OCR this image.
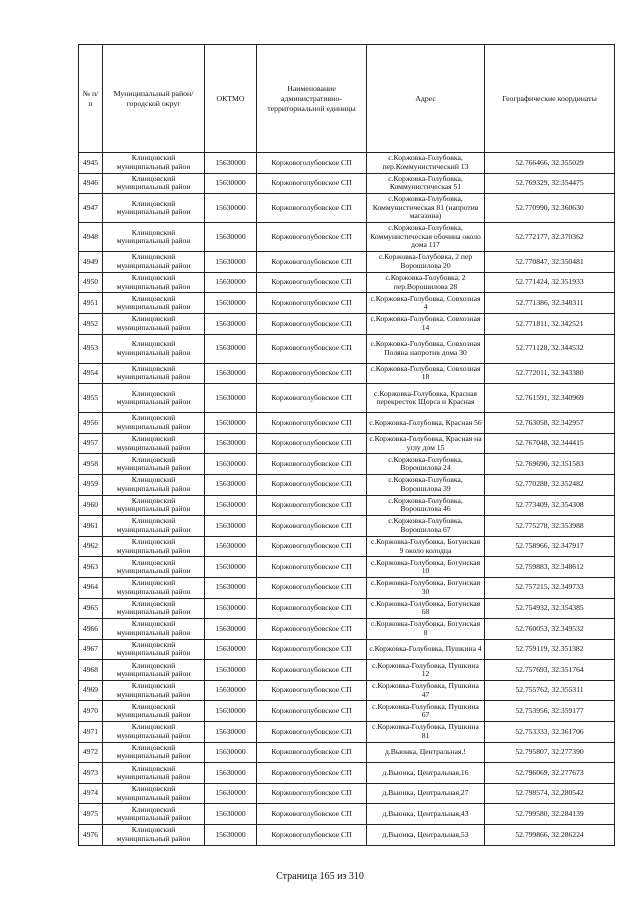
№ п/п	Муниципальный район/городской округ	ОКТМО	Наименование административно-территориальной единицы	Адрес	Географические координаты
4945	Клинцовский муниципальный район	15630000	Коржовоголубовское СП	с.Коржовка-Голубовка, пер.Коммунистический 13	52.766466, 32.355029
4946	Клинцовский муниципальный район	15630000	Коржовоголубовское СП	с.Коржовка-Голубовка, Коммунистическая 51	52.769329, 32.354475
4947	Клинцовский муниципальный район	15630000	Коржовоголубовское СП	с.Коржовка-Голубовка, Коммунистическая 81 (напротив магазина)	52.770990, 32.360630
4948	Клинцовский муниципальный район	15630000	Коржовоголубовское СП	с.Коржовка-Голубовка, Коммунистическая обочина около дома 117	52.772177, 32.370362
4949	Клинцовский муниципальный район	15630000	Коржовоголубовское СП	с.Коржовка-Голубовка, 2 пер Ворошилова 20	52.770847, 32.350481
4950	Клинцовский муниципальный район	15630000	Коржовоголубовское СП	с.Коржовка-Голубовка, 2 пер.Ворошилова 28	52.771424, 32.351933
4951	Клинцовский муниципальный район	15630000	Коржовоголубовское СП	с.Коржовка-Голубовка, Совхозная 4	52.771386, 32.340311
4952	Клинцовский муниципальный район	15630000	Коржовоголубовское СП	с.Коржовка-Голубовка, Совхозная 14	52.771811, 32.342521
4953	Клинцовский муниципальный район	15630000	Коржовоголубовское СП	с.Коржовка-Голубовка, Совхозная Поляна напротив дома 30	52.771128, 32.344532
4954	Клинцовский муниципальный район	15630000	Коржовоголубовское СП	с.Коржовка-Голубовка, Совхозная 18	52.772011, 32.343380
4955	Клинцовский муниципальный район	15630000	Коржовоголубовское СП	с.Коржовка-Голубовка, Красная перекресток Щорса и Красная	52.761591, 32.340969
4956	Клинцовский муниципальный район	15630000	Коржовоголубовское СП	с.Коржовка-Голубовка, Красная 56	52.763058, 32.342957
4957	Клинцовский муниципальный район	15630000	Коржовоголубовское СП	с.Коржовка-Голубовка, Красная на углу дом 15	52.767048, 32.344415
4958	Клинцовский муниципальный район	15630000	Коржовоголубовское СП	с.Коржовка-Голубовка, Ворошилова 24	52.769690, 32.351583
4959	Клинцовский муниципальный район	15630000	Коржовоголубовское СП	с.Коржовка-Голубовка, Ворошилова 39	52.770288, 32.352482
4960	Клинцовский муниципальный район	15630000	Коржовоголубовское СП	с.Коржовка-Голубовка, Ворошилова 46	52.773409, 32.354308
4961	Клинцовский муниципальный район	15630000	Коржовоголубовское СП	с.Коржовка-Голубовка, Ворошилова 67	52.775278, 32.353988
4962	Клинцовский муниципальный район	15630000	Коржовоголубовское СП	с.Коржовка-Голубовка, Богунская 9 около колодца	52.758966, 32.347917
4963	Клинцовский муниципальный район	15630000	Коржовоголубовское СП	с.Коржовка-Голубовка, Богунская 10	52.759883, 32.348612
4964	Клинцовский муниципальный район	15630000	Коржовоголубовское СП	с.Коржовка-Голубовка, Богунская 30	52.757215, 32.349733
4965	Клинцовский муниципальный район	15630000	Коржовоголубовское СП	с.Коржовка-Голубовка, Богунская 68	52.754932, 32.354385
4966	Клинцовский муниципальный район	15630000	Коржовоголубовское СП	с.Коржовка-Голубовка, Богунская 8	52.760053, 32.349532
4967	Клинцовский муниципальный район	15630000	Коржовоголубовское СП	с.Коржовка-Голубовка, Пушкина 4	52.759119, 32.351382
4968	Клинцовский муниципальный район	15630000	Коржовоголубовское СП	с.Коржовка-Голубовка, Пушкина 12	52.757693, 32.351764
4969	Клинцовский муниципальный район	15630000	Коржовоголубовское СП	с.Коржовка-Голубовка, Пушкина 47	52.755762, 32.355311
4970	Клинцовский муниципальный район	15630000	Коржовоголубовское СП	с.Коржовка-Голубовка, Пушкина 67	52.753956, 32.359177
4971	Клинцовский муниципальный район	15630000	Коржовоголубовское СП	с.Коржовка-Голубовка, Пушкина 81	52.753333, 32.361706
4972	Клинцовский муниципальный район	15630000	Коржовоголубовское СП	д.Вьюнка, Центральная,!	52.795807, 32.277390
4973	Клинцовский муниципальный район	15630000	Коржовоголубовское СП	д.Вьюнка, Центральная,16	52.796069, 32.277673
4974	Клинцовский муниципальный район	15630000	Коржовоголубовское СП	д.Вьюнка, Центральная,27	52.798574, 32.280542
4975	Клинцовский муниципальный район	15630000	Коржовоголубовское СП	д.Вьюнка, Центральная,43	52.799580, 32.284139
4976	Клинцовский муниципальный район	15630000	Коржовоголубовское СП	д.Вьюнка, Центральная,53	52.799866, 32.286224
Страница 165 из 310
